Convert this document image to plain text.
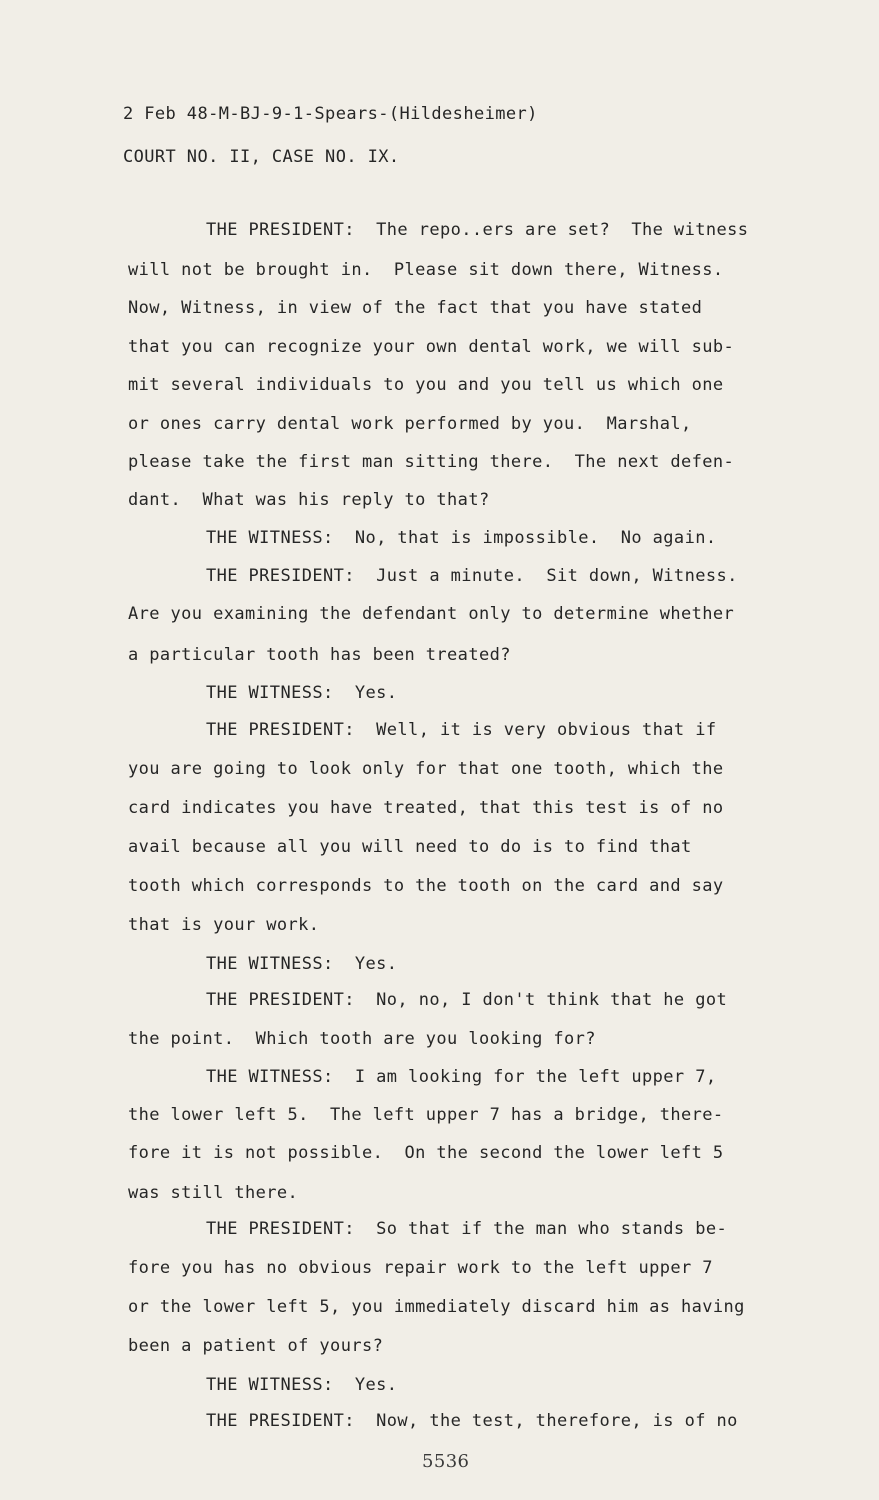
2 Feb 48-M-BJ-9-1-Spears-(Hildesheimer)
COURT NO. II, CASE NO. IX.
THE PRESIDENT:  The repo..ers are set?  The witness
will not be brought in.  Please sit down there, Witness.
Now, Witness, in view of the fact that you have stated
that you can recognize your own dental work, we will sub-
mit several individuals to you and you tell us which one
or ones carry dental work performed by you.  Marshal,
please take the first man sitting there.  The next defen-
dant.  What was his reply to that?
THE WITNESS:  No, that is impossible.  No again.
THE PRESIDENT:  Just a minute.  Sit down, Witness.
Are you examining the defendant only to determine whether
a particular tooth has been treated?
THE WITNESS:  Yes.
THE PRESIDENT:  Well, it is very obvious that if
you are going to look only for that one tooth, which the
card indicates you have treated, that this test is of no
avail because all you will need to do is to find that
tooth which corresponds to the tooth on the card and say
that is your work.
THE WITNESS:  Yes.
THE PRESIDENT:  No, no, I don't think that he got
the point.  Which tooth are you looking for?
THE WITNESS:  I am looking for the left upper 7,
the lower left 5.  The left upper 7 has a bridge, there-
fore it is not possible.  On the second the lower left 5
was still there.
THE PRESIDENT:  So that if the man who stands be-
fore you has no obvious repair work to the left upper 7
or the lower left 5, you immediately discard him as having
been a patient of yours?
THE WITNESS:  Yes.
THE PRESIDENT:  Now, the test, therefore, is of no
5536
